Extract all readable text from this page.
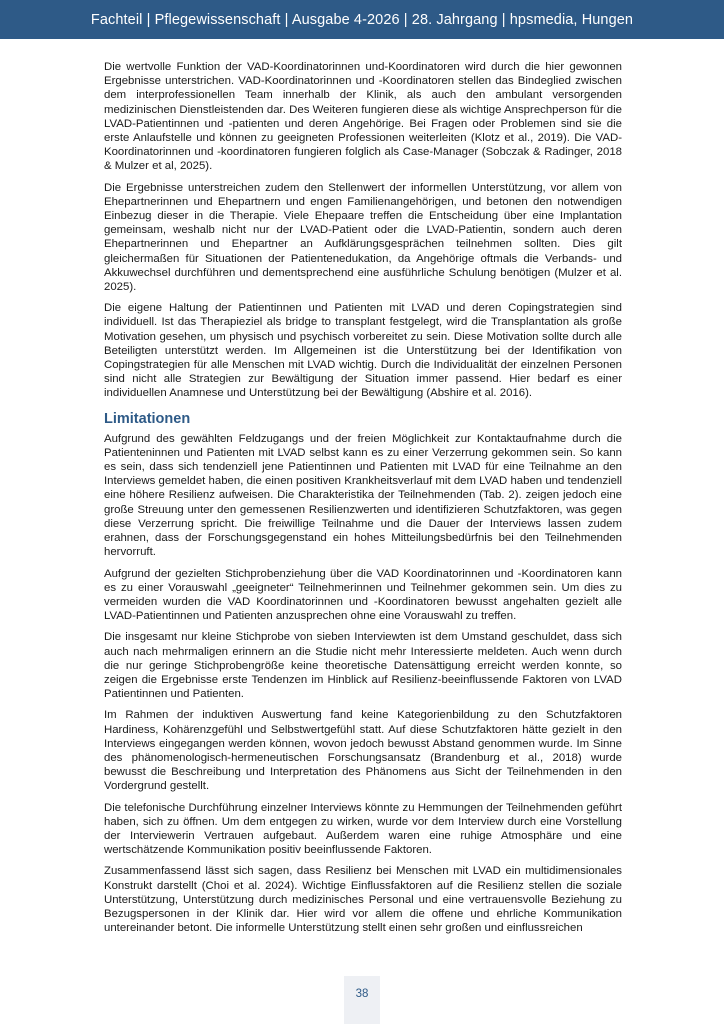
Fachteil | Pflegewissenschaft | Ausgabe 4-2026 | 28. Jahrgang | hpsmedia, Hungen

Die wertvolle Funktion der VAD-Koordinatorinnen und-Koordinatoren wird durch die hier gewonnen Ergebnisse unterstrichen. VAD-Koordinatorinnen und -Koordinatoren stellen das Bindeglied zwischen dem interprofessionellen Team innerhalb der Klinik, als auch den ambulant versorgenden medizinischen Dienstleistenden dar. Des Weiteren fungieren diese als wichtige Ansprechperson für die LVAD-Patientinnen und -patienten und deren Angehörige. Bei Fragen oder Problemen sind sie die erste Anlaufstelle und können zu geeigneten Professionen weiterleiten (Klotz et al., 2019). Die VAD-Koordinatorinnen und -koordinatoren fungieren folglich als Case-Manager (Sobczak & Radinger, 2018 & Mulzer et al, 2025).

Die Ergebnisse unterstreichen zudem den Stellenwert der informellen Unterstützung, vor allem von Ehepartnerinnen und Ehepartnern und engen Familienangehörigen, und betonen den notwendigen Einbezug dieser in die Therapie. Viele Ehepaare treffen die Entscheidung über eine Implantation gemeinsam, weshalb nicht nur der LVAD-Patient oder die LVAD-Patientin, sondern auch deren Ehepartnerinnen und Ehepartner an Aufklärungsgesprächen teilnehmen sollten. Dies gilt gleichermaßen für Situationen der Patientenedukation, da Angehörige oftmals die Verbands- und Akkuwechsel durchführen und dementsprechend eine ausführliche Schulung benötigen (Mulzer et al. 2025).

Die eigene Haltung der Patientinnen und Patienten mit LVAD und deren Copingstrategien sind individuell. Ist das Therapieziel als bridge to transplant festgelegt, wird die Transplantation als große Motivation gesehen, um physisch und psychisch vorbereitet zu sein. Diese Motivation sollte durch alle Beteiligten unterstützt werden. Im Allgemeinen ist die Unterstützung bei der Identifikation von Copingstrategien für alle Menschen mit LVAD wichtig. Durch die Individualität der einzelnen Personen sind nicht alle Strategien zur Bewältigung der Situation immer passend. Hier bedarf es einer individuellen Anamnese und Unterstützung bei der Bewältigung (Abshire et al. 2016).

Limitationen

Aufgrund des gewählten Feldzugangs und der freien Möglichkeit zur Kontaktaufnahme durch die Patienteninnen und Patienten mit LVAD selbst kann es zu einer Verzerrung gekommen sein. So kann es sein, dass sich tendenziell jene Patientinnen und Patienten mit LVAD für eine Teilnahme an den Interviews gemeldet haben, die einen positiven Krankheitsverlauf mit dem LVAD haben und tendenziell eine höhere Resilienz aufweisen. Die Charakteristika der Teilnehmenden (Tab. 2). zeigen jedoch eine große Streuung unter den gemessenen Resilienzwerten und identifizieren Schutzfaktoren, was gegen diese Verzerrung spricht. Die freiwillige Teilnahme und die Dauer der Interviews lassen zudem erahnen, dass der Forschungsgegenstand ein hohes Mitteilungsbedürfnis bei den Teilnehmenden hervorruft.

Aufgrund der gezielten Stichprobenziehung über die VAD Koordinatorinnen und -Koordinatoren kann es zu einer Vorauswahl „geeigneter“ Teilnehmerinnen und Teilnehmer gekommen sein. Um dies zu vermeiden wurden die VAD Koordinatorinnen und -Koordinatoren bewusst angehalten gezielt alle LVAD-Patientinnen und Patienten anzusprechen ohne eine Vorauswahl zu treffen.

Die insgesamt nur kleine Stichprobe von sieben Interviewten ist dem Umstand geschuldet, dass sich auch nach mehrmaligen erinnern an die Studie nicht mehr Interessierte meldeten. Auch wenn durch die nur geringe Stichprobengröße keine theoretische Datensättigung erreicht werden konnte, so zeigen die Ergebnisse erste Tendenzen im Hinblick auf Resilienz-beeinflussende Faktoren von LVAD Patientinnen und Patienten.

Im Rahmen der induktiven Auswertung fand keine Kategorienbildung zu den Schutzfaktoren Hardiness, Kohärenzgefühl und Selbstwertgefühl statt. Auf diese Schutzfaktoren hätte gezielt in den Interviews eingegangen werden können, wovon jedoch bewusst Abstand genommen wurde. Im Sinne des phänomenologisch-hermeneutischen Forschungsansatz (Brandenburg et al., 2018) wurde bewusst die Beschreibung und Interpretation des Phänomens aus Sicht der Teilnehmenden in den Vordergrund gestellt.

Die telefonische Durchführung einzelner Interviews könnte zu Hemmungen der Teilnehmenden geführt haben, sich zu öffnen. Um dem entgegen zu wirken, wurde vor dem Interview durch eine Vorstellung der Interviewerin Vertrauen aufgebaut. Außerdem waren eine ruhige Atmosphäre und eine wertschätzende Kommunikation positiv beeinflussende Faktoren.

Zusammenfassend lässt sich sagen, dass Resilienz bei Menschen mit LVAD ein multidimensionales Konstrukt darstellt (Choi et al. 2024). Wichtige Einflussfaktoren auf die Resilienz stellen die soziale Unterstützung, Unterstützung durch medizinisches Personal und eine vertrauensvolle Beziehung zu Bezugspersonen in der Klinik dar. Hier wird vor allem die offene und ehrliche Kommunikation untereinander betont. Die informelle Unterstützung stellt einen sehr großen und einflussreichen

38
